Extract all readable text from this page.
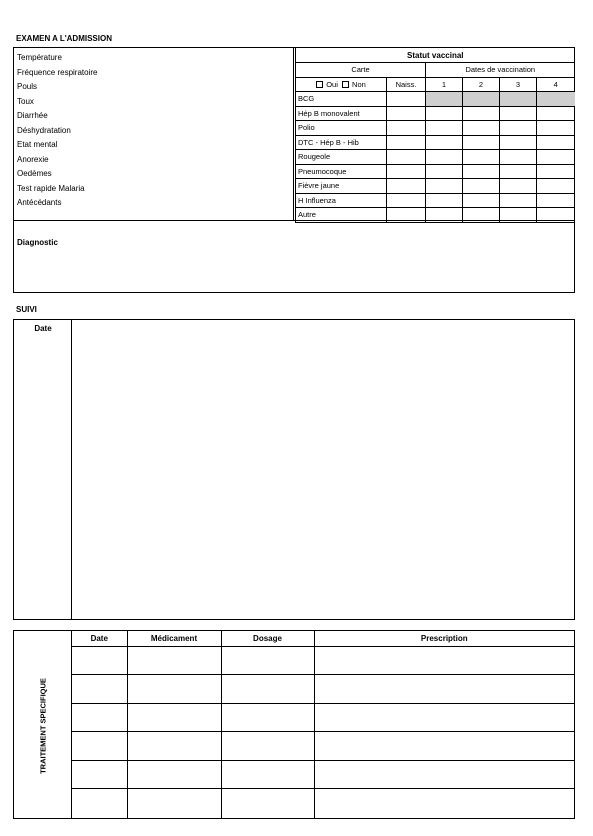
EXAMEN A L'ADMISSION
Température
Fréquence respiratoire
Pouls
Toux
Diarrhée
Déshydratation
Etat mental
Anorexie
Oedèmes
Test rapide Malaria
Antécédants
Statut vaccinal					
Carte		Dates de vaccination			
Oui Non	Naiss.	1	2	3	4
BCG					
Hép B monovalent					
Polio					
DTC - Hép B - Hib					
Rougeole					
Pneumocoque					
Fièvre jaune					
H Influenza					
Autre					
Diagnostic
SUIVI
Date
TRAITEMENT SPECIFIQUE
Date	Médicament	Dosage	Prescription
